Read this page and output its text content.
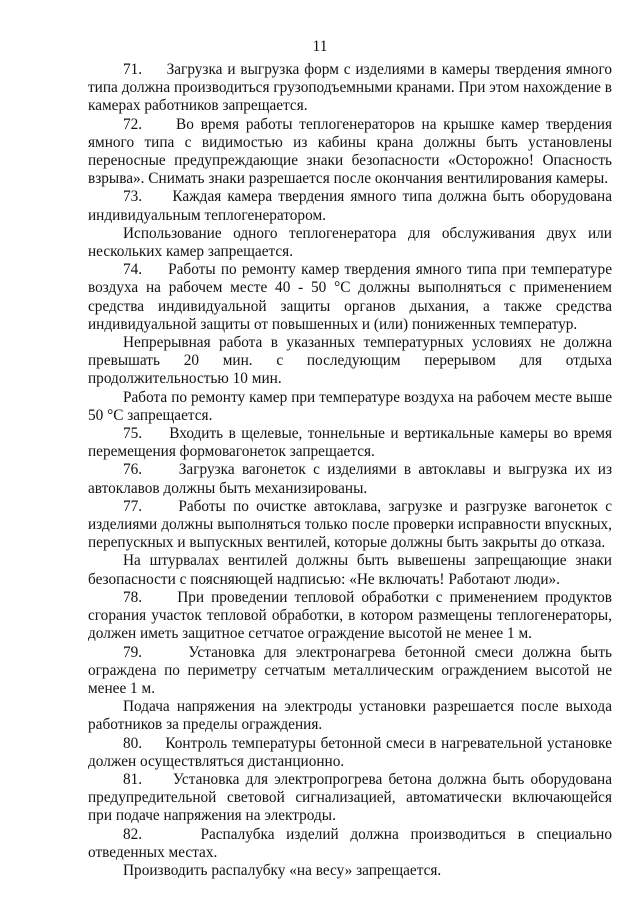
11

71.     Загрузка и выгрузка форм с изделиями в камеры твердения ямного типа должна производиться грузоподъемными кранами. При этом нахождение в камерах работников запрещается.

72.     Во время работы теплогенераторов на крышке камер твердения ямного типа с видимостью из кабины крана должны быть установлены переносные предупреждающие знаки безопасности «Осторожно! Опасность взрыва». Снимать знаки разрешается после окончания вентилирования камеры.

73.     Каждая камера твердения ямного типа должна быть оборудована индивидуальным теплогенератором.

Использование одного теплогенератора для обслуживания двух или нескольких камер запрещается.

74.     Работы по ремонту камер твердения ямного типа при температуре воздуха на рабочем месте 40 - 50 °С должны выполняться с применением средства индивидуальной защиты органов дыхания, а также средства индивидуальной защиты от повышенных и (или) пониженных температур.

Непрерывная работа в указанных температурных условиях не должна превышать 20 мин. с последующим перерывом для отдыха продолжительностью 10 мин.

Работа по ремонту камер при температуре воздуха на рабочем месте выше 50 °С запрещается.

75.     Входить в щелевые, тоннельные и вертикальные камеры во время перемещения формовагонеток запрещается.

76.     Загрузка вагонеток с изделиями в автоклавы и выгрузка их из автоклавов должны быть механизированы.

77.     Работы по очистке автоклава, загрузке и разгрузке вагонеток с изделиями должны выполняться только после проверки исправности впускных, перепускных и выпускных вентилей, которые должны быть закрыты до отказа.

На штурвалах вентилей должны быть вывешены запрещающие знаки безопасности с поясняющей надписью: «Не включать! Работают люди».

78.     При проведении тепловой обработки с применением продуктов сгорания участок тепловой обработки, в котором размещены теплогенераторы, должен иметь защитное сетчатое ограждение высотой не менее 1 м.

79.     Установка для электронагрева бетонной смеси должна быть ограждена по периметру сетчатым металлическим ограждением высотой не менее 1 м.

Подача напряжения на электроды установки разрешается после выхода работников за пределы ограждения.

80.     Контроль температуры бетонной смеси в нагревательной установке должен осуществляться дистанционно.

81.     Установка для электропрогрева бетона должна быть оборудована предупредительной световой сигнализацией, автоматически включающейся при подаче напряжения на электроды.

82.     Распалубка изделий должна производиться в специально отведенных местах.

Производить распалубку «на весу» запрещается.
